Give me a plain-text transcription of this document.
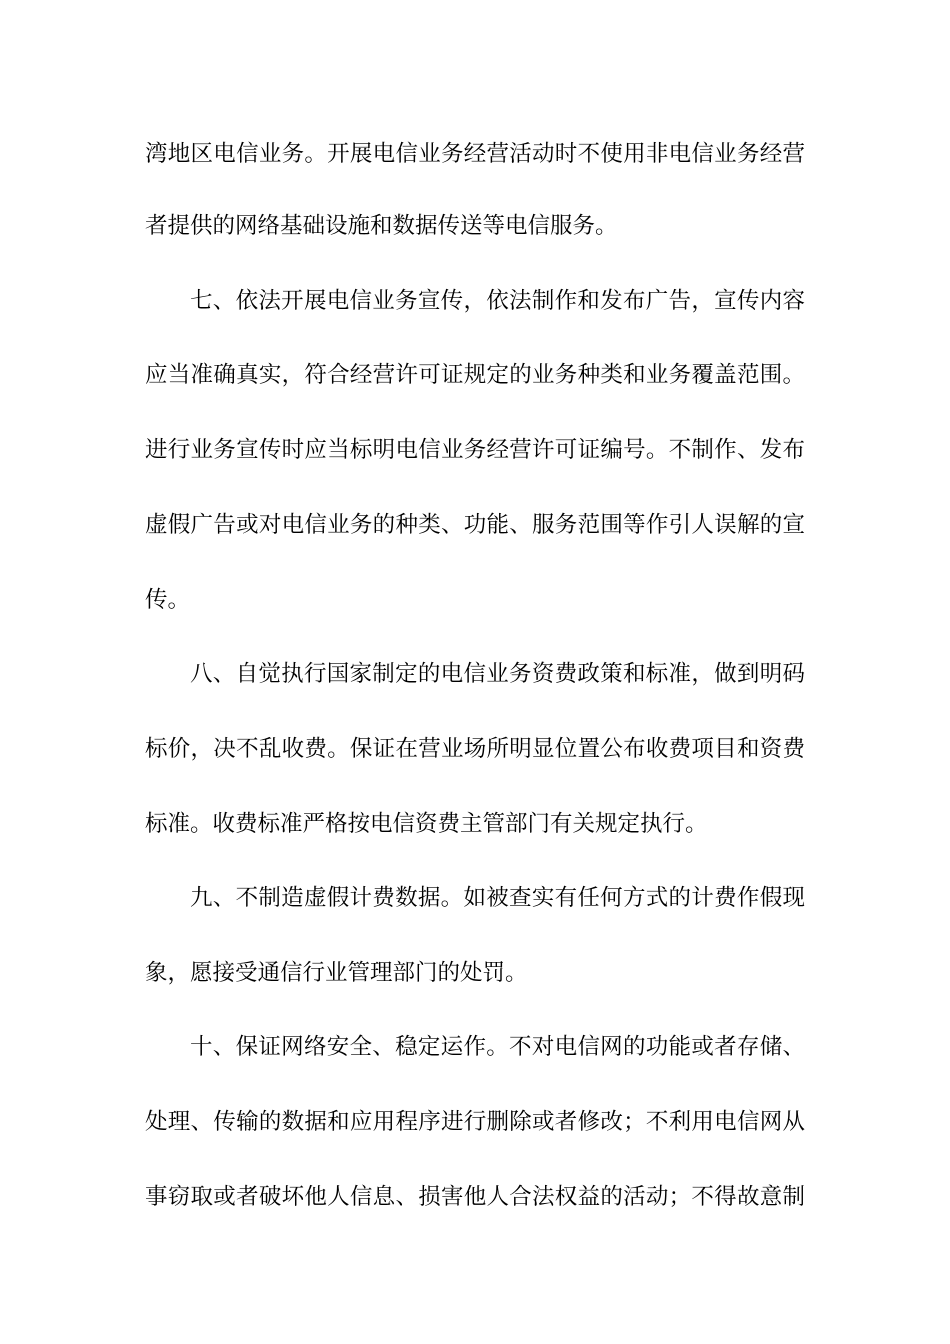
湾地区电信业务。开展电信业务经营活动时不使用非电信业务经营
者提供的网络基础设施和数据传送等电信服务。
七、依法开展电信业务宣传，依法制作和发布广告，宣传内容
应当准确真实，符合经营许可证规定的业务种类和业务覆盖范围。
进行业务宣传时应当标明电信业务经营许可证编号。不制作、发布
虚假广告或对电信业务的种类、功能、服务范围等作引人误解的宣
传。
八、自觉执行国家制定的电信业务资费政策和标准，做到明码
标价，决不乱收费。保证在营业场所明显位置公布收费项目和资费
标准。收费标准严格按电信资费主管部门有关规定执行。
九、不制造虚假计费数据。如被查实有任何方式的计费作假现
象，愿接受通信行业管理部门的处罚。
十、保证网络安全、稳定运作。不对电信网的功能或者存储、
处理、传输的数据和应用程序进行删除或者修改；不利用电信网从
事窃取或者破坏他人信息、损害他人合法权益的活动；不得故意制
